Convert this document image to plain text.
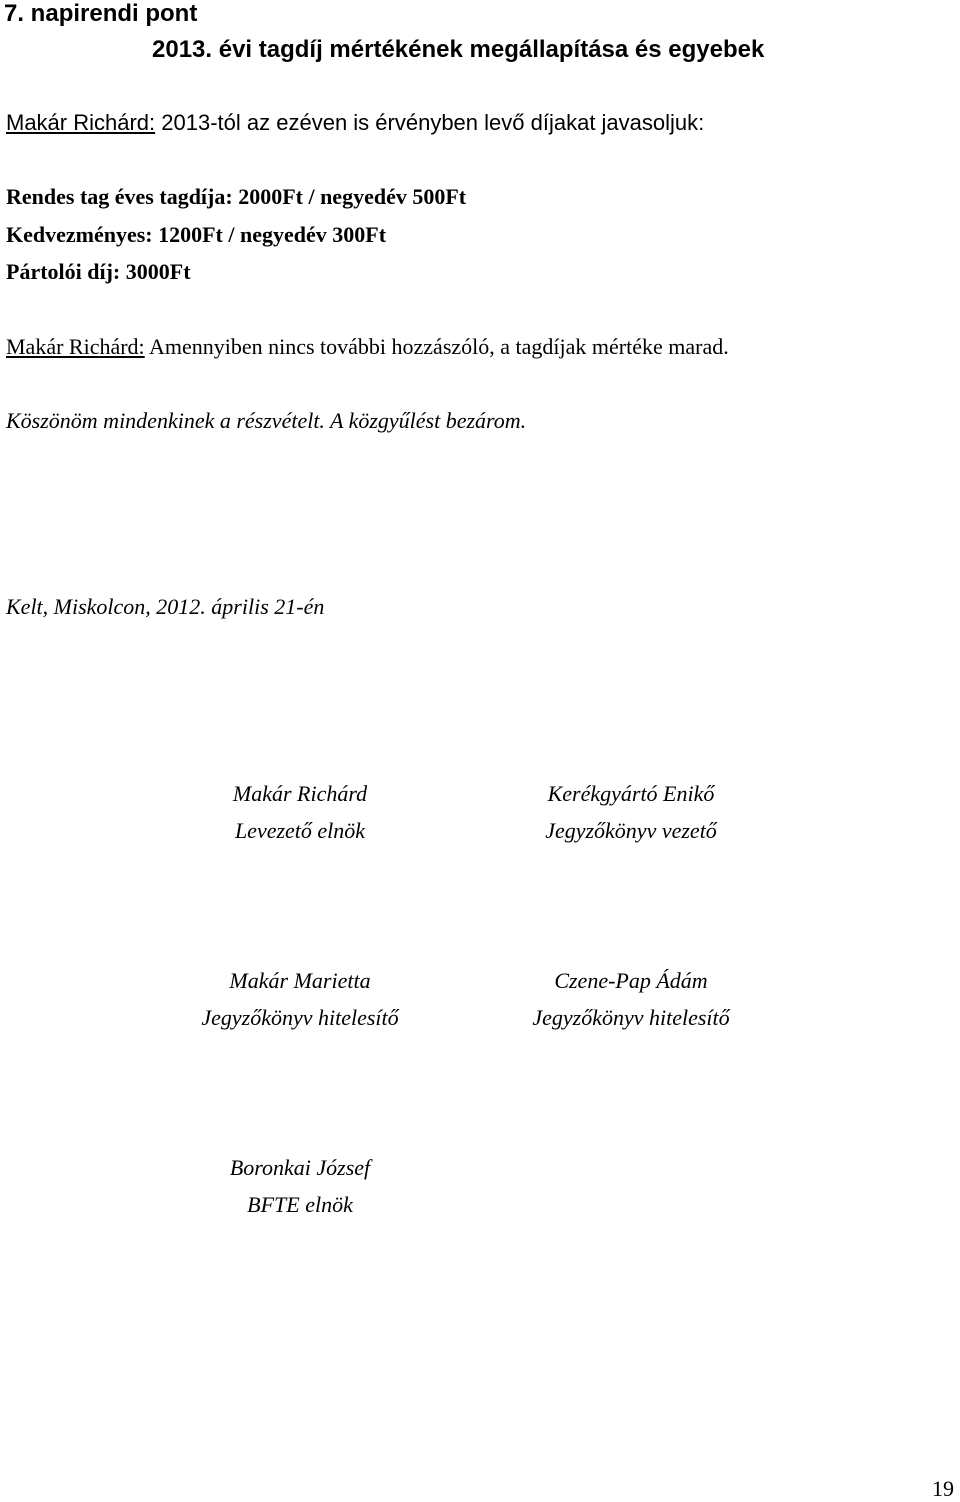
7. napirendi pont
2013. évi tagdíj mértékének megállapítása és egyebek
Makár Richárd: 2013-tól az ezéven is érvényben levő díjakat javasoljuk:
Rendes tag éves tagdíja: 2000Ft / negyedév 500Ft
Kedvezményes: 1200Ft / negyedév 300Ft
Pártolói díj: 3000Ft
Makár Richárd: Amennyiben nincs további hozzászóló, a tagdíjak mértéke marad.
Köszönöm mindenkinek a részvételt. A közgyűlést bezárom.
Kelt, Miskolcon, 2012. április 21-én
Makár Richárd
Levezető elnök
Kerékgyártó Enikő
Jegyzőkönyv vezető
Makár Marietta
Jegyzőkönyv hitelesítő
Czene-Pap Ádám
Jegyzőkönyv hitelesítő
Boronkai József
BFTE elnök
19
